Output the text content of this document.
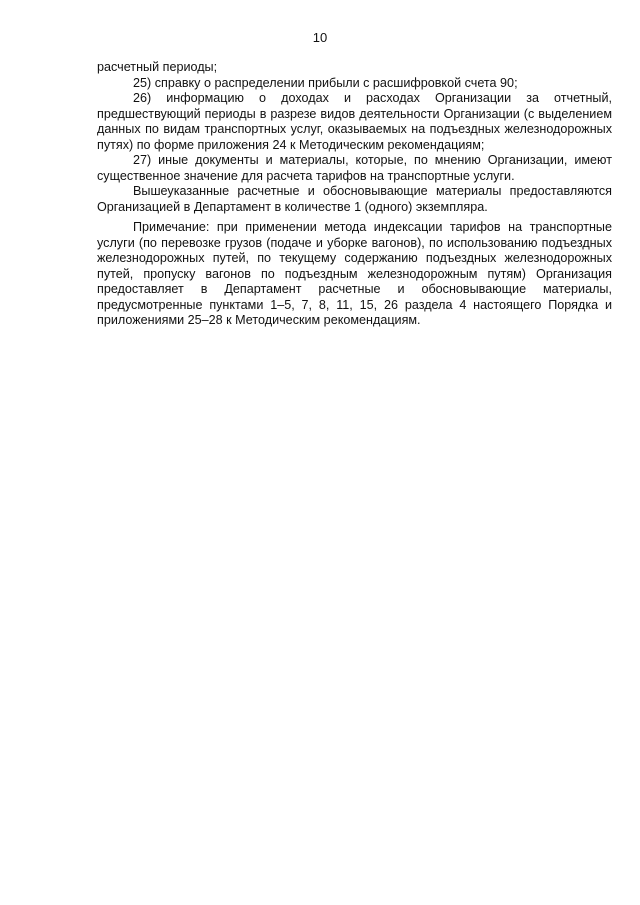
10

расчетный периоды;

25) справку о распределении прибыли с расшифровкой счета 90;

26) информацию о доходах и расходах Организации за отчетный, предшествующий периоды в разрезе видов деятельности Организации (с выделением данных по видам транспортных услуг, оказываемых на подъездных железнодорожных путях) по форме приложения 24 к Методическим рекомендациям;

27) иные документы и материалы, которые, по мнению Организации, имеют существенное значение для расчета тарифов на транспортные услуги.

Вышеуказанные расчетные и обосновывающие материалы предоставляются Организацией в Департамент в количестве 1 (одного) экземпляра.

Примечание: при применении метода индексации тарифов на транспортные услуги (по перевозке грузов (подаче и уборке вагонов), по использованию подъездных железнодорожных путей, по текущему содержанию подъездных железнодорожных путей, пропуску вагонов по подъездным железнодорожным путям) Организация предоставляет в Департамент расчетные и обосновывающие материалы, предусмотренные пунктами 1–5, 7, 8, 11, 15, 26 раздела 4 настоящего Порядка и приложениями 25–28 к Методическим рекомендациям.
